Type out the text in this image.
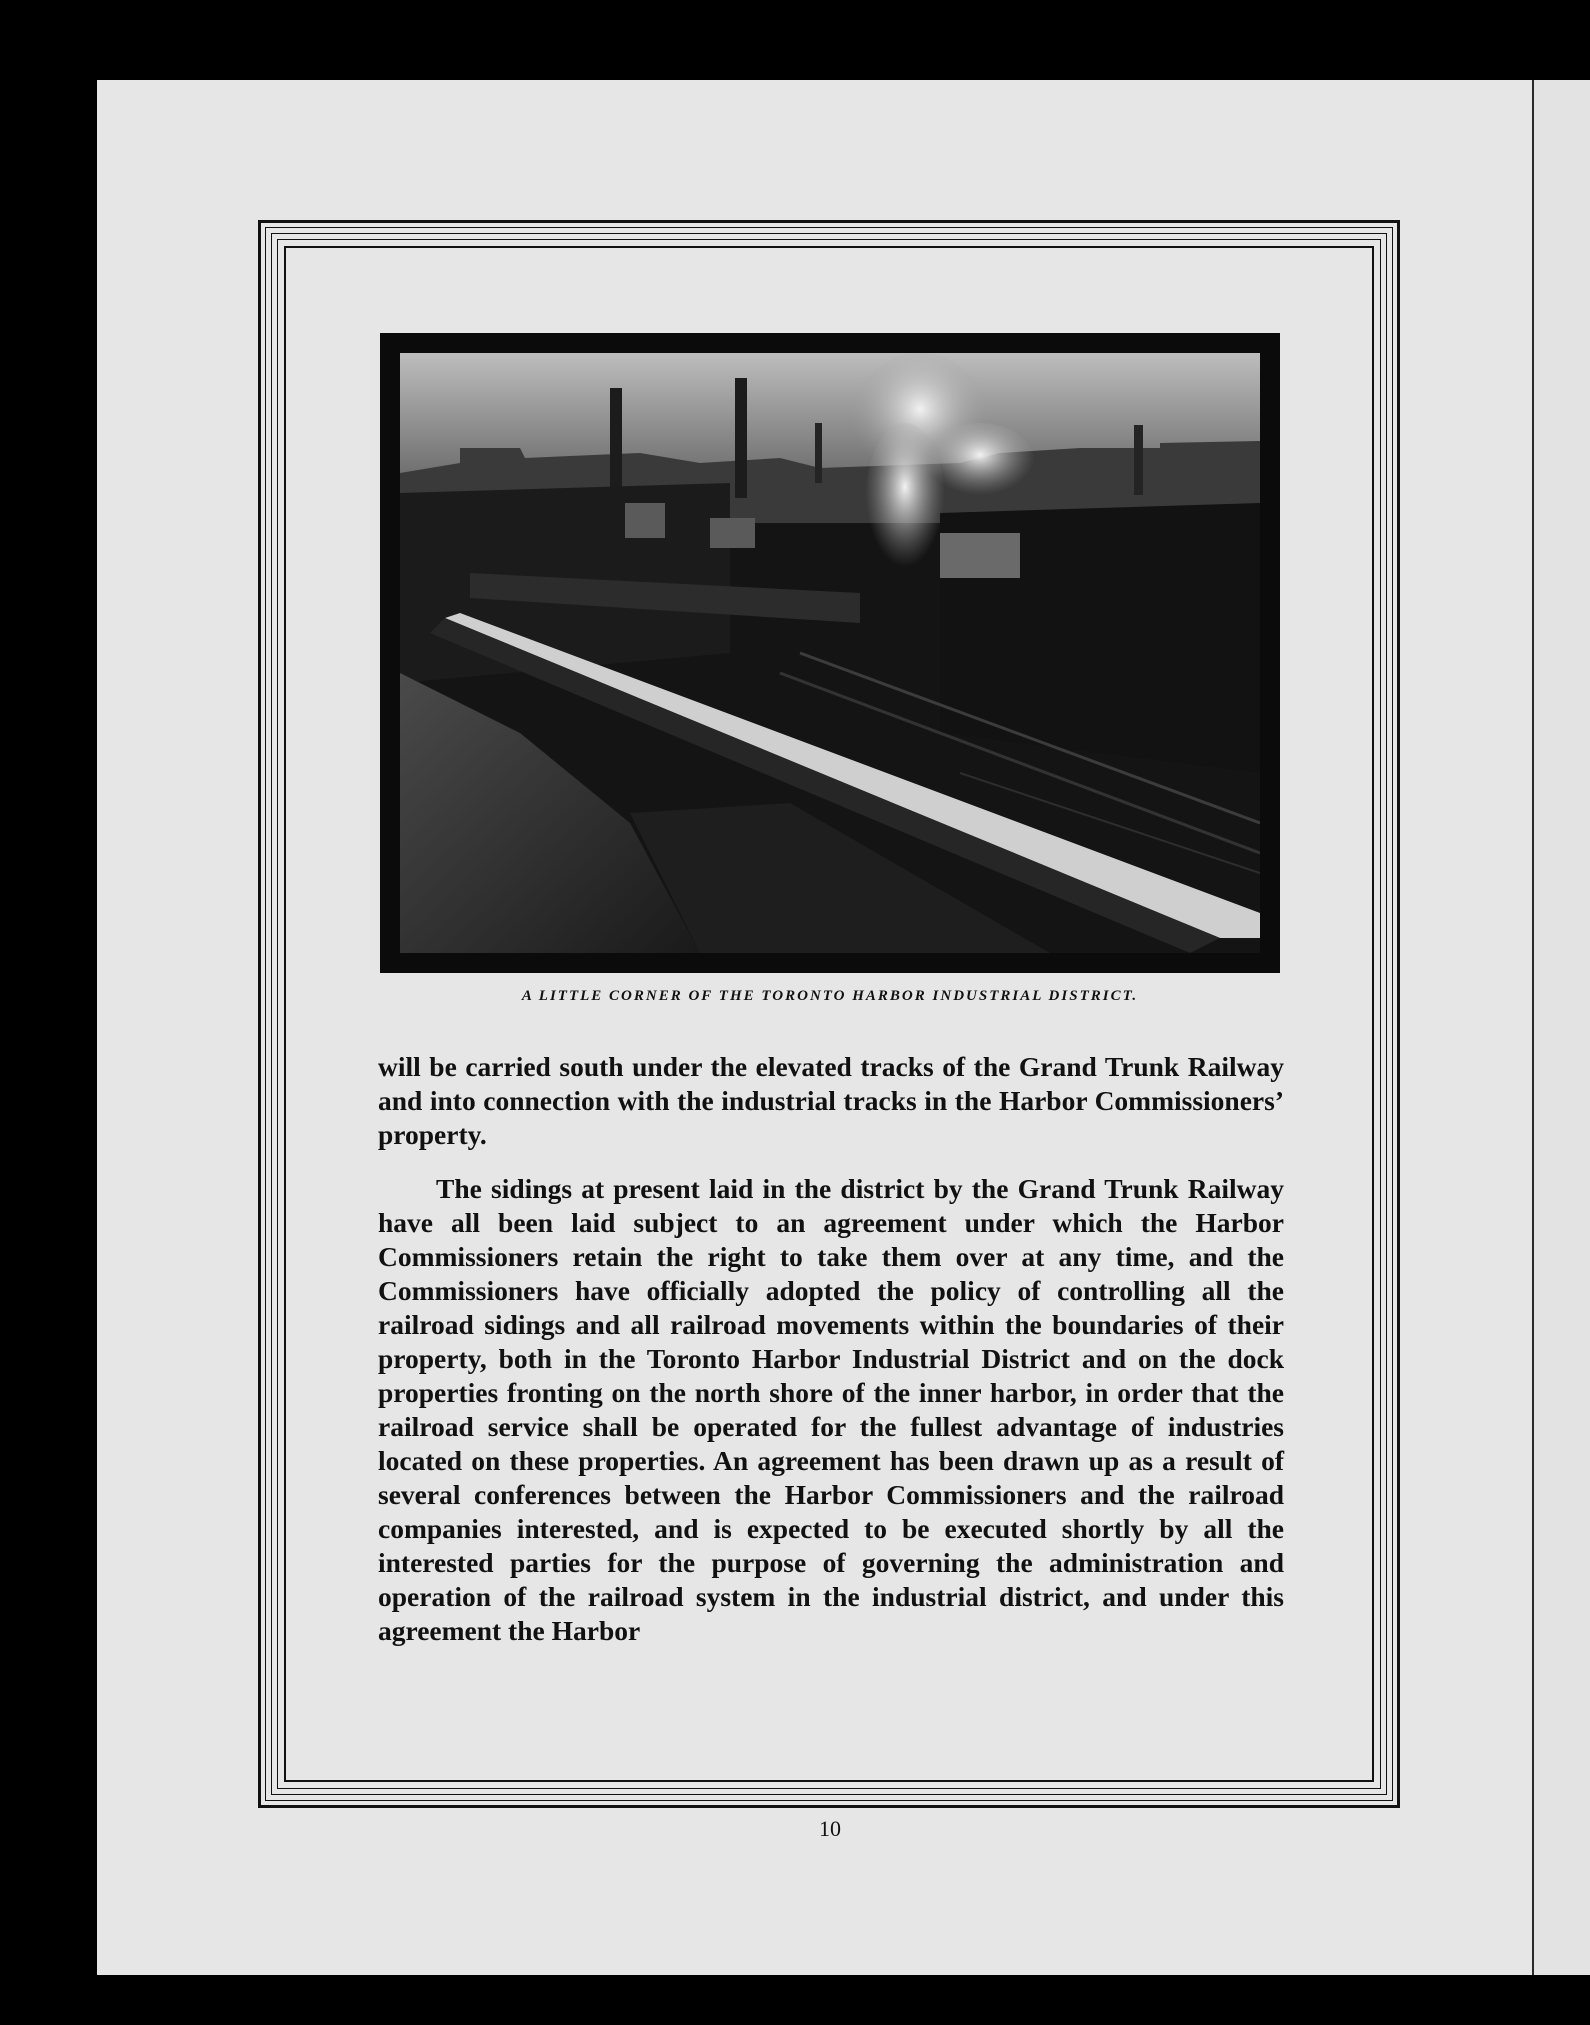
A LITTLE CORNER OF THE TORONTO HARBOR INDUSTRIAL DISTRICT.

will be carried south under the elevated tracks of the Grand Trunk Railway and into connection with the industrial tracks in the Harbor Commissioners’ property.

The sidings at present laid in the district by the Grand Trunk Railway have all been laid subject to an agreement under which the Harbor Commissioners retain the right to take them over at any time, and the Commissioners have officially adopted the policy of controlling all the railroad sidings and all railroad movements within the boundaries of their property, both in the Toronto Harbor Industrial District and on the dock properties fronting on the north shore of the inner harbor, in order that the railroad service shall be operated for the fullest advantage of industries located on these properties. An agreement has been drawn up as a result of several conferences between the Harbor Commissioners and the railroad companies interested, and is expected to be executed shortly by all the interested parties for the purpose of governing the administration and operation of the railroad system in the industrial district, and under this agreement the Harbor

10
